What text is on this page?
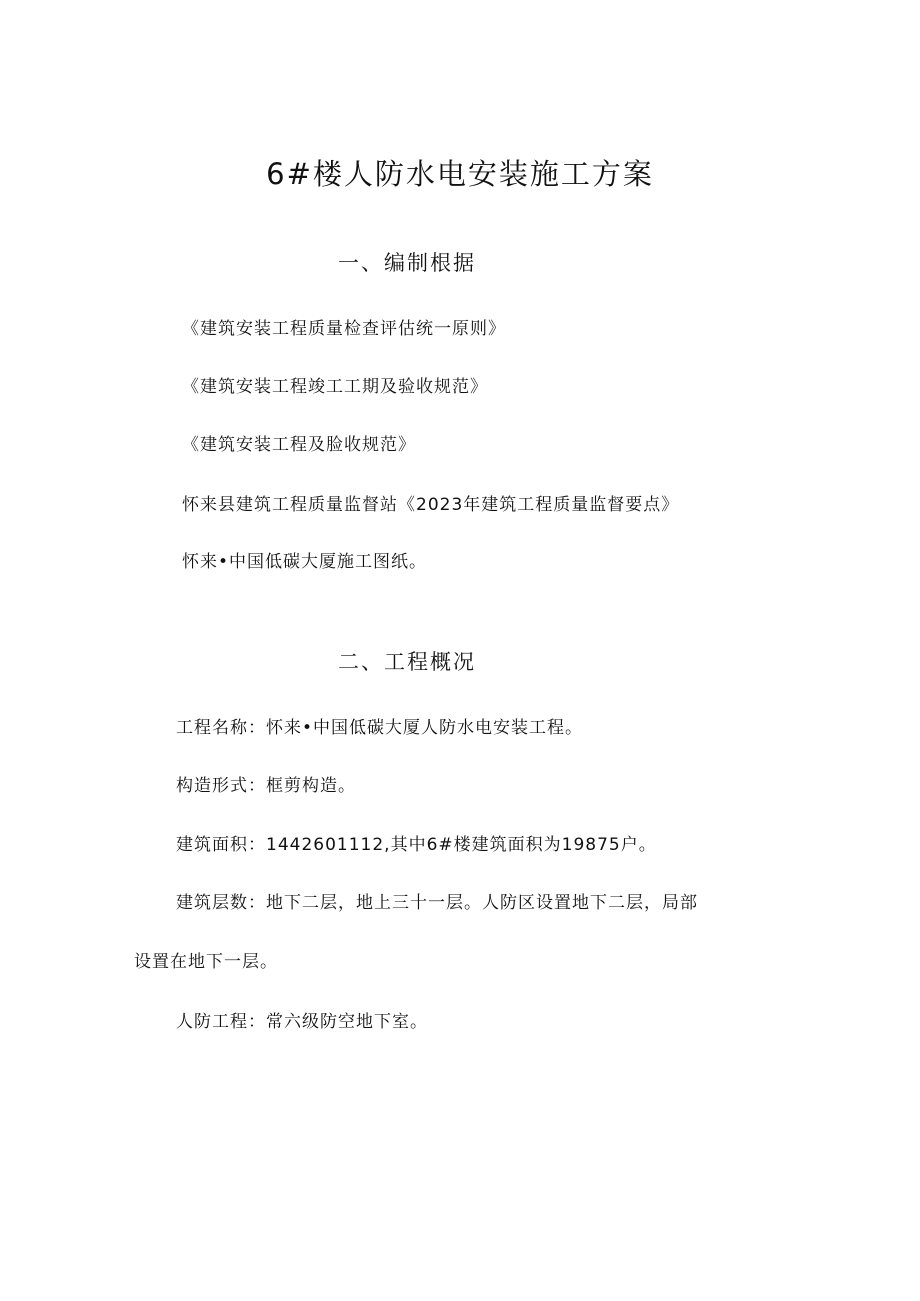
6#楼人防水电安装施工方案
一、编制根据
《建筑安装工程质量检查评估统一原则》
《建筑安装工程竣工工期及验收规范》
《建筑安装工程及脸收规范》
怀来县建筑工程质量监督站《2023年建筑工程质量监督要点》
怀来•中国低碳大厦施工图纸。
二、工程概况
工程名称：怀来•中国低碳大厦人防水电安装工程。
构造形式：框剪构造。
建筑面积：1442601112,其中6#楼建筑面积为19875户。
建筑层数：地下二层，地上三十一层。人防区设置地下二层，局部
设置在地下一层。
人防工程：常六级防空地下室。
